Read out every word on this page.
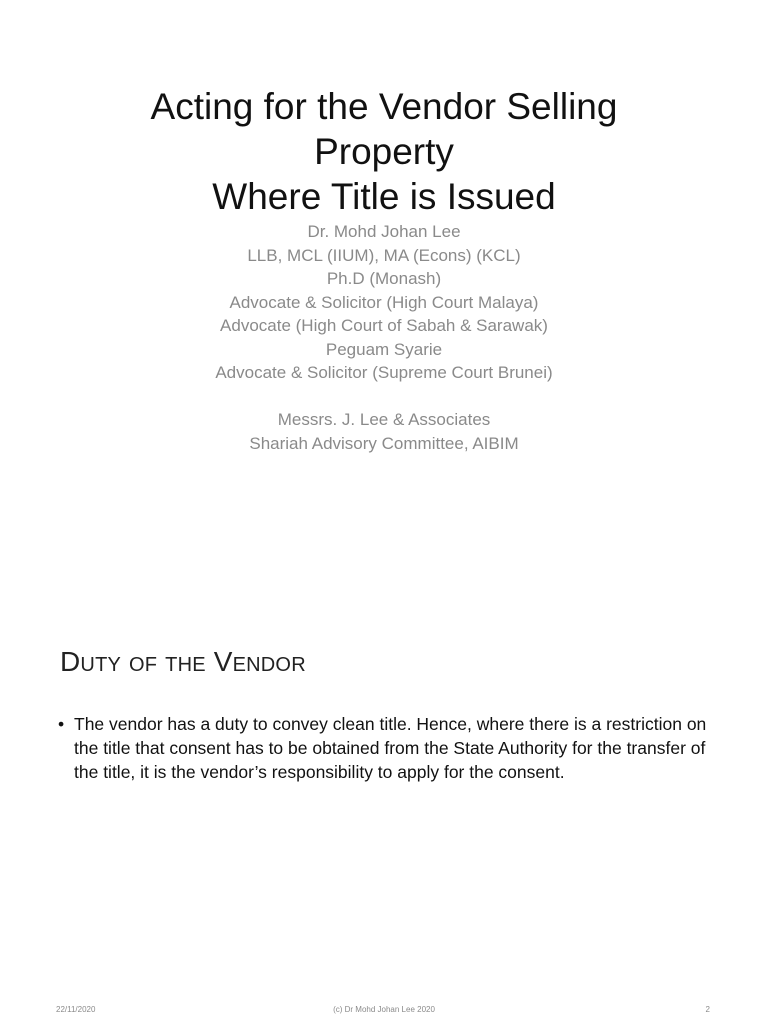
Acting for the Vendor Selling
Property
Where Title is Issued
Dr. Mohd Johan Lee
LLB, MCL (IIUM), MA (Econs) (KCL)
Ph.D (Monash)
Advocate & Solicitor (High Court Malaya)
Advocate (High Court of Sabah & Sarawak)
Peguam Syarie
Advocate & Solicitor (Supreme Court Brunei)
Messrs. J. Lee & Associates
Shariah Advisory Committee, AIBIM
Duty of the Vendor
• The vendor has a duty to convey clean title. Hence, where there is a restriction on the title that consent has to be obtained from the State Authority for the transfer of the title, it is the vendor’s responsibility to apply for the consent.
22/11/2020	(c) Dr Mohd Johan Lee 2020	2
